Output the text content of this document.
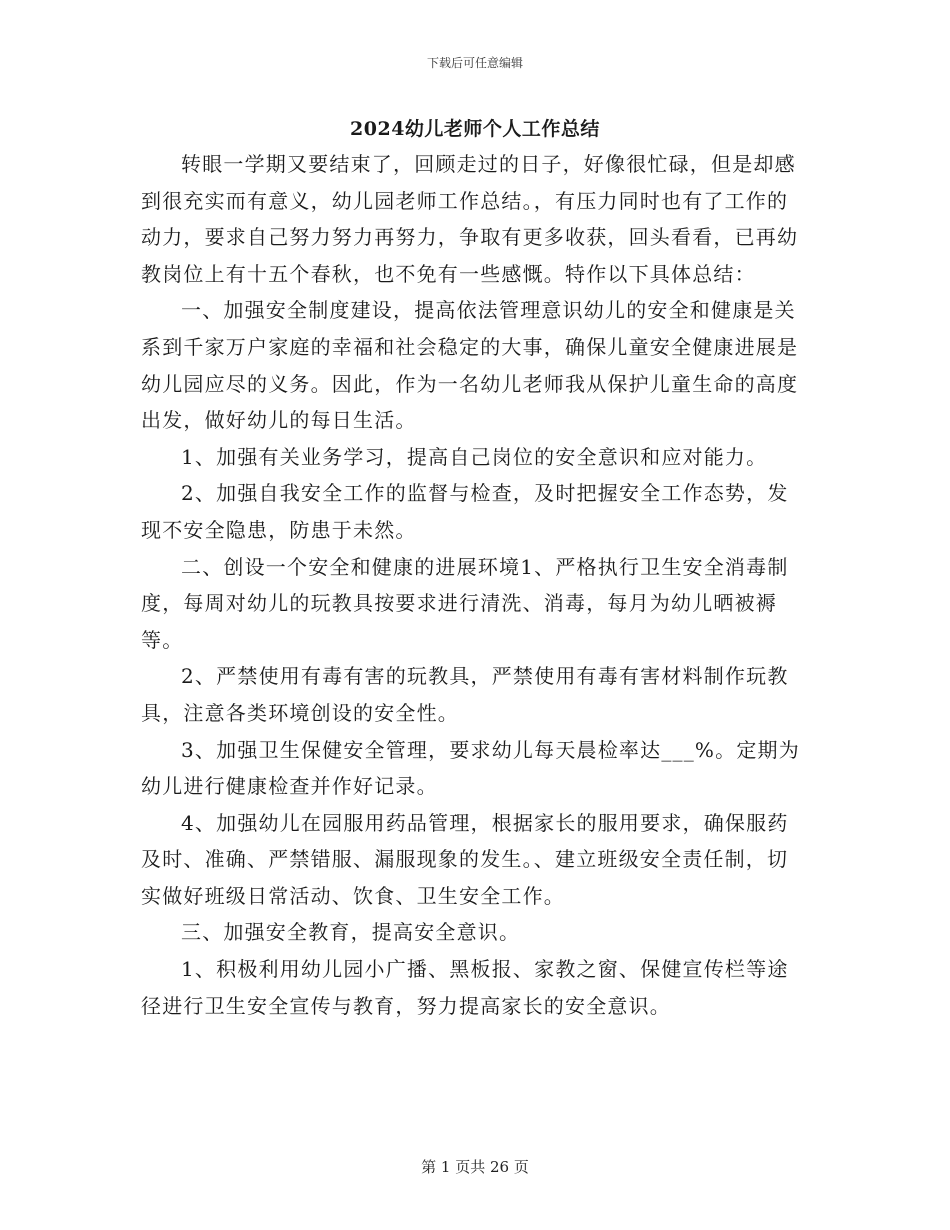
下载后可任意编辑
2024幼儿老师个人工作总结

转眼一学期又要结束了，回顾走过的日子，好像很忙碌，但是却感到很充实而有意义，幼儿园老师工作总结。，有压力同时也有了工作的动力，要求自己努力努力再努力，争取有更多收获，回头看看，已再幼教岗位上有十五个春秋，也不免有一些感慨。特作以下具体总结：

一、加强安全制度建设，提高依法管理意识幼儿的安全和健康是关系到千家万户家庭的幸福和社会稳定的大事，确保儿童安全健康进展是幼儿园应尽的义务。因此，作为一名幼儿老师我从保护儿童生命的高度出发，做好幼儿的每日生活。

1、加强有关业务学习，提高自己岗位的安全意识和应对能力。

2、加强自我安全工作的监督与检查，及时把握安全工作态势，发现不安全隐患，防患于未然。

二、创设一个安全和健康的进展环境1、严格执行卫生安全消毒制度，每周对幼儿的玩教具按要求进行清洗、消毒，每月为幼儿晒被褥等。

2、严禁使用有毒有害的玩教具，严禁使用有毒有害材料制作玩教具，注意各类环境创设的安全性。

3、加强卫生保健安全管理，要求幼儿每天晨检率达___%。定期为幼儿进行健康检查并作好记录。

4、加强幼儿在园服用药品管理，根据家长的服用要求，确保服药及时、准确、严禁错服、漏服现象的发生。、建立班级安全责任制，切实做好班级日常活动、饮食、卫生安全工作。

三、加强安全教育，提高安全意识。

1、积极利用幼儿园小广播、黑板报、家教之窗、保健宣传栏等途径进行卫生安全宣传与教育，努力提高家长的安全意识。

第 1 页共 26 页
